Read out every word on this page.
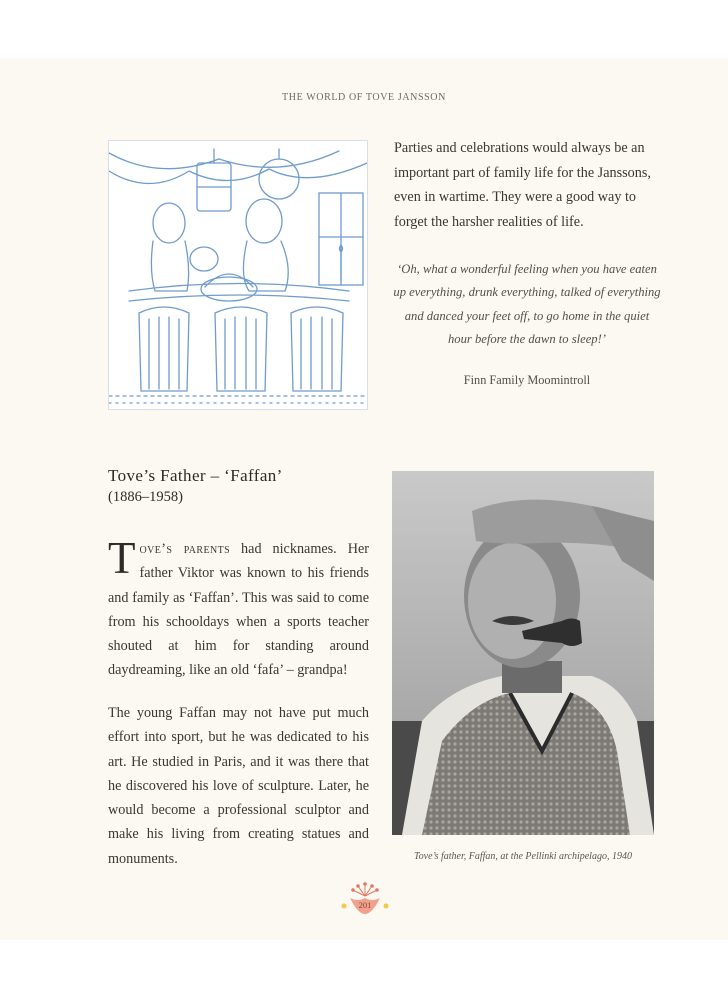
THE WORLD OF TOVE JANSSON
Parties and celebrations would always be an important part of family life for the Janssons, even in wartime. They were a good way to forget the harsher realities of life.
‘Oh, what a wonderful feeling when you have eaten up everything, drunk everything, talked of everything and danced your feet off, to go home in the quiet hour before the dawn to sleep!’
Finn Family Moomintroll
Tove’s Father – ‘Faffan’
(1886–1958)
Tove’s parents had nicknames. Her father Viktor was known to his friends and family as ‘Faffan’. This was said to come from his schooldays when a sports teacher shouted at him for standing around daydreaming, like an old ‘fafa’ – grandpa!
The young Faffan may not have put much effort into sport, but he was dedicated to his art. He studied in Paris, and it was there that he discovered his love of sculpture. Later, he would become a professional sculptor and make his living from creating statues and monuments.	Tove’s father, Faffan, at the Pellinki archipelago, 1940
201
